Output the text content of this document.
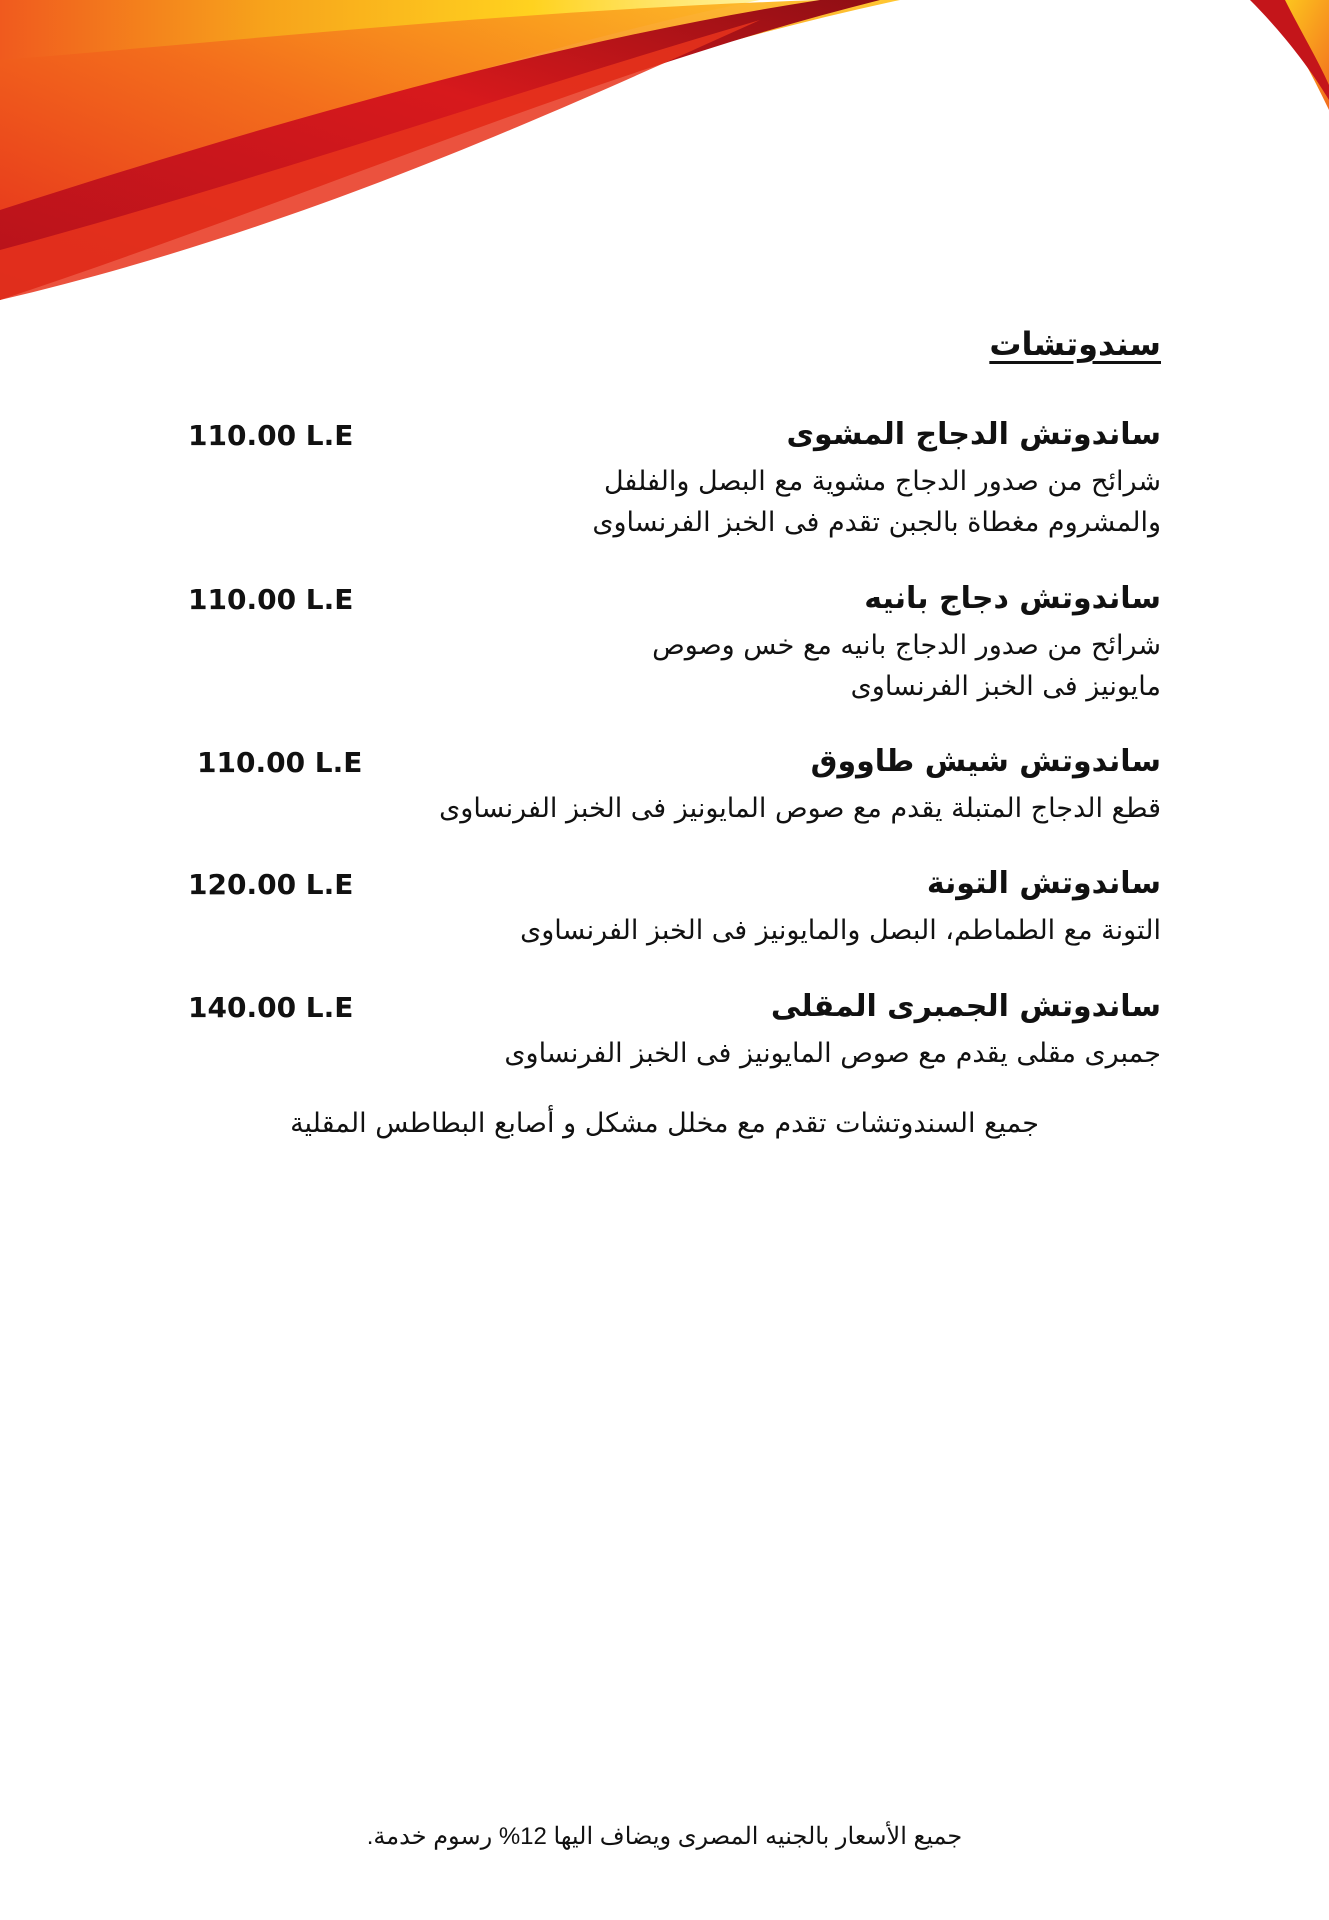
سندوتشات
ساندوتش الدجاج المشوى
110.00 L.E
شرائح من صدور الدجاج مشوية مع البصل والفلفل والمشروم مغطاة بالجبن تقدم فى الخبز الفرنساوى
ساندوتش دجاج بانيه
110.00 L.E
شرائح من صدور الدجاج بانيه مع خس وصوص مايونيز فى الخبز الفرنساوى
ساندوتش شيش طاووق
110.00 L.E
قطع الدجاج المتبلة يقدم مع صوص المايونيز فى الخبز الفرنساوى
ساندوتش التونة
120.00 L.E
التونة مع الطماطم، البصل والمايونيز فى الخبز الفرنساوى
ساندوتش الجمبرى المقلى
140.00 L.E
جمبرى مقلى يقدم مع صوص المايونيز فى الخبز الفرنساوى
جميع السندوتشات تقدم مع مخلل مشكل و أصابع البطاطس المقلية
جميع الأسعار بالجنيه المصرى ويضاف اليها 12% رسوم خدمة.
